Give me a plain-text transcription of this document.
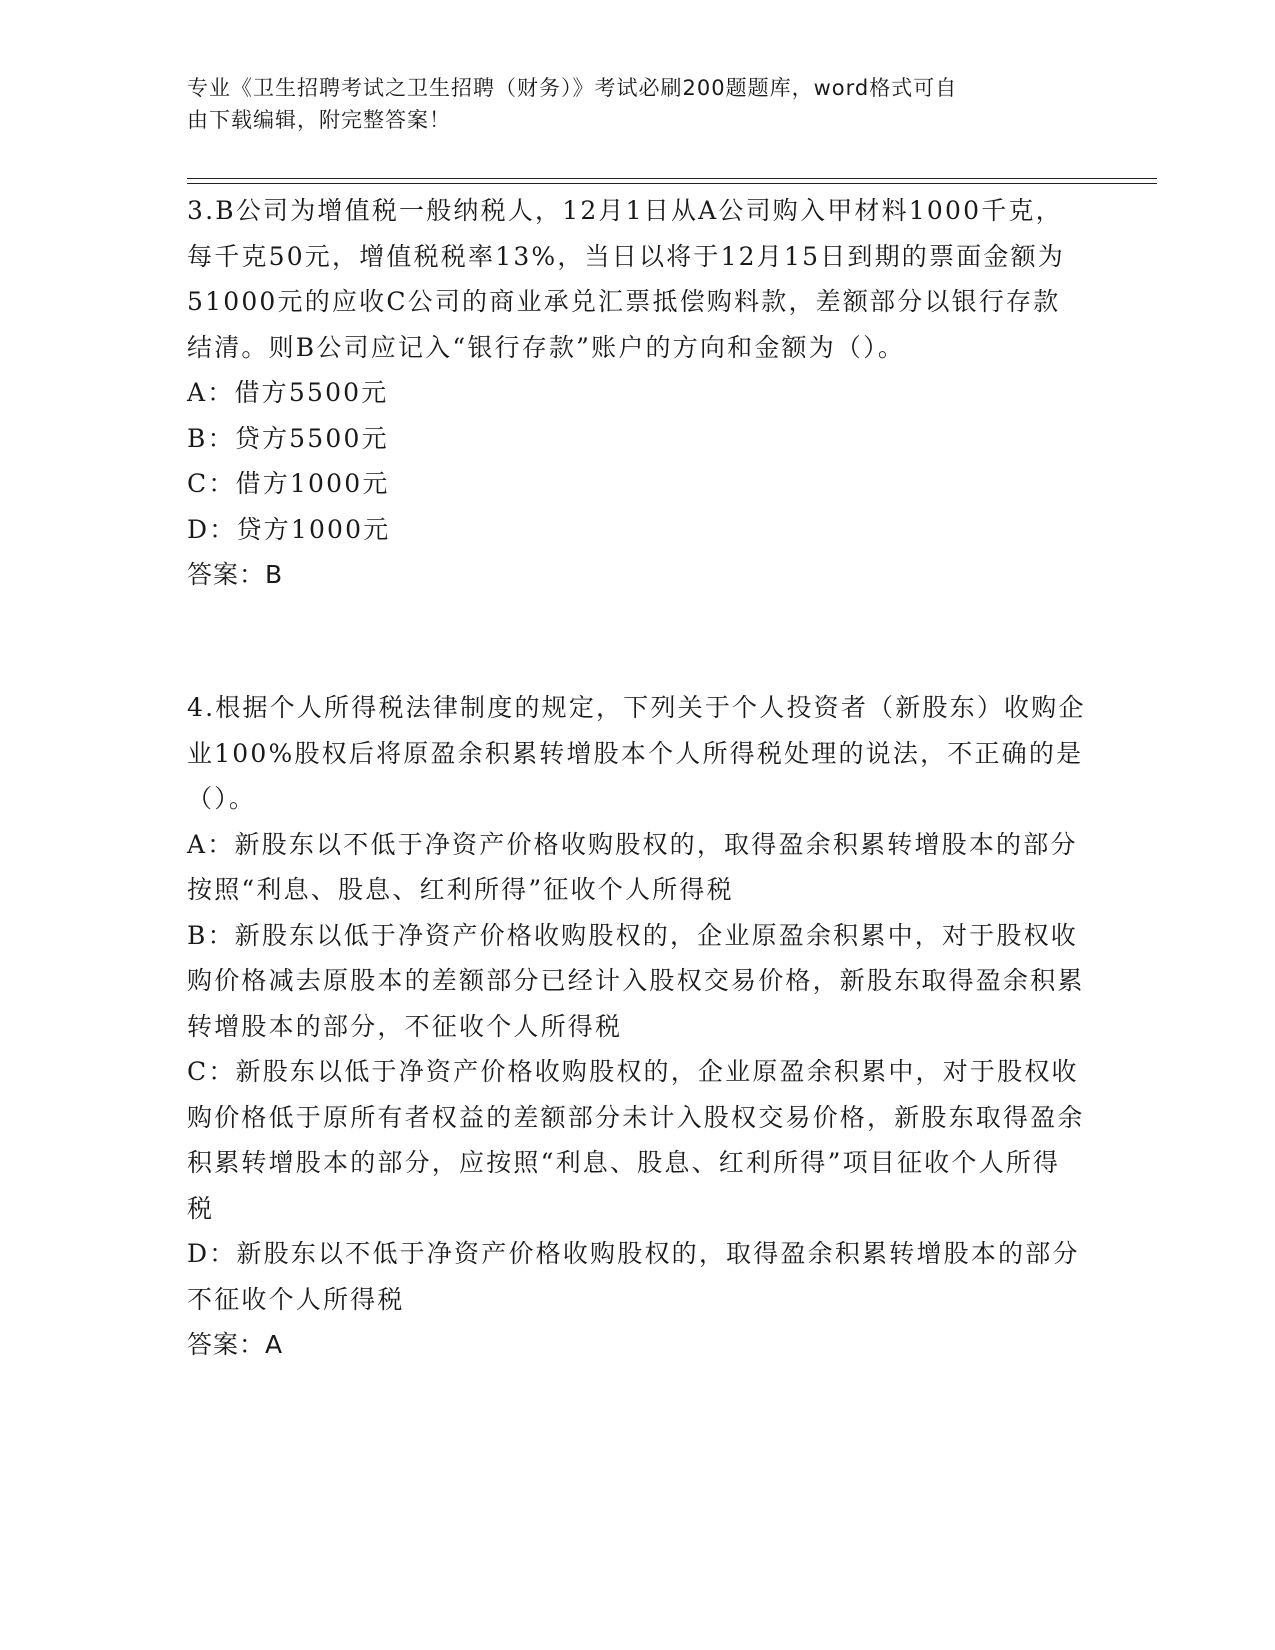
专业《卫生招聘考试之卫生招聘（财务）》考试必刷200题题库，word格式可自
由下载编辑，附完整答案！

3.B公司为增值税一般纳税人，12月1日从A公司购入甲材料1000千克，每千克50元，增值税税率13%，当日以将于12月15日到期的票面金额为51000元的应收C公司的商业承兑汇票抵偿购料款，差额部分以银行存款结清。则B公司应记入“银行存款”账户的方向和金额为（）。

A：借方5500元

B：贷方5500元

C：借方1000元

D：贷方1000元

答案：B

4.根据个人所得税法律制度的规定，下列关于个人投资者（新股东）收购企业100%股权后将原盈余积累转增股本个人所得税处理的说法，不正确的是（）。

A：新股东以不低于净资产价格收购股权的，取得盈余积累转增股本的部分按照“利息、股息、红利所得”征收个人所得税

B：新股东以低于净资产价格收购股权的，企业原盈余积累中，对于股权收购价格减去原股本的差额部分已经计入股权交易价格，新股东取得盈余积累转增股本的部分，不征收个人所得税

C：新股东以低于净资产价格收购股权的，企业原盈余积累中，对于股权收购价格低于原所有者权益的差额部分未计入股权交易价格，新股东取得盈余积累转增股本的部分，应按照“利息、股息、红利所得”项目征收个人所得税

D：新股东以不低于净资产价格收购股权的，取得盈余积累转增股本的部分不征收个人所得税

答案：A
